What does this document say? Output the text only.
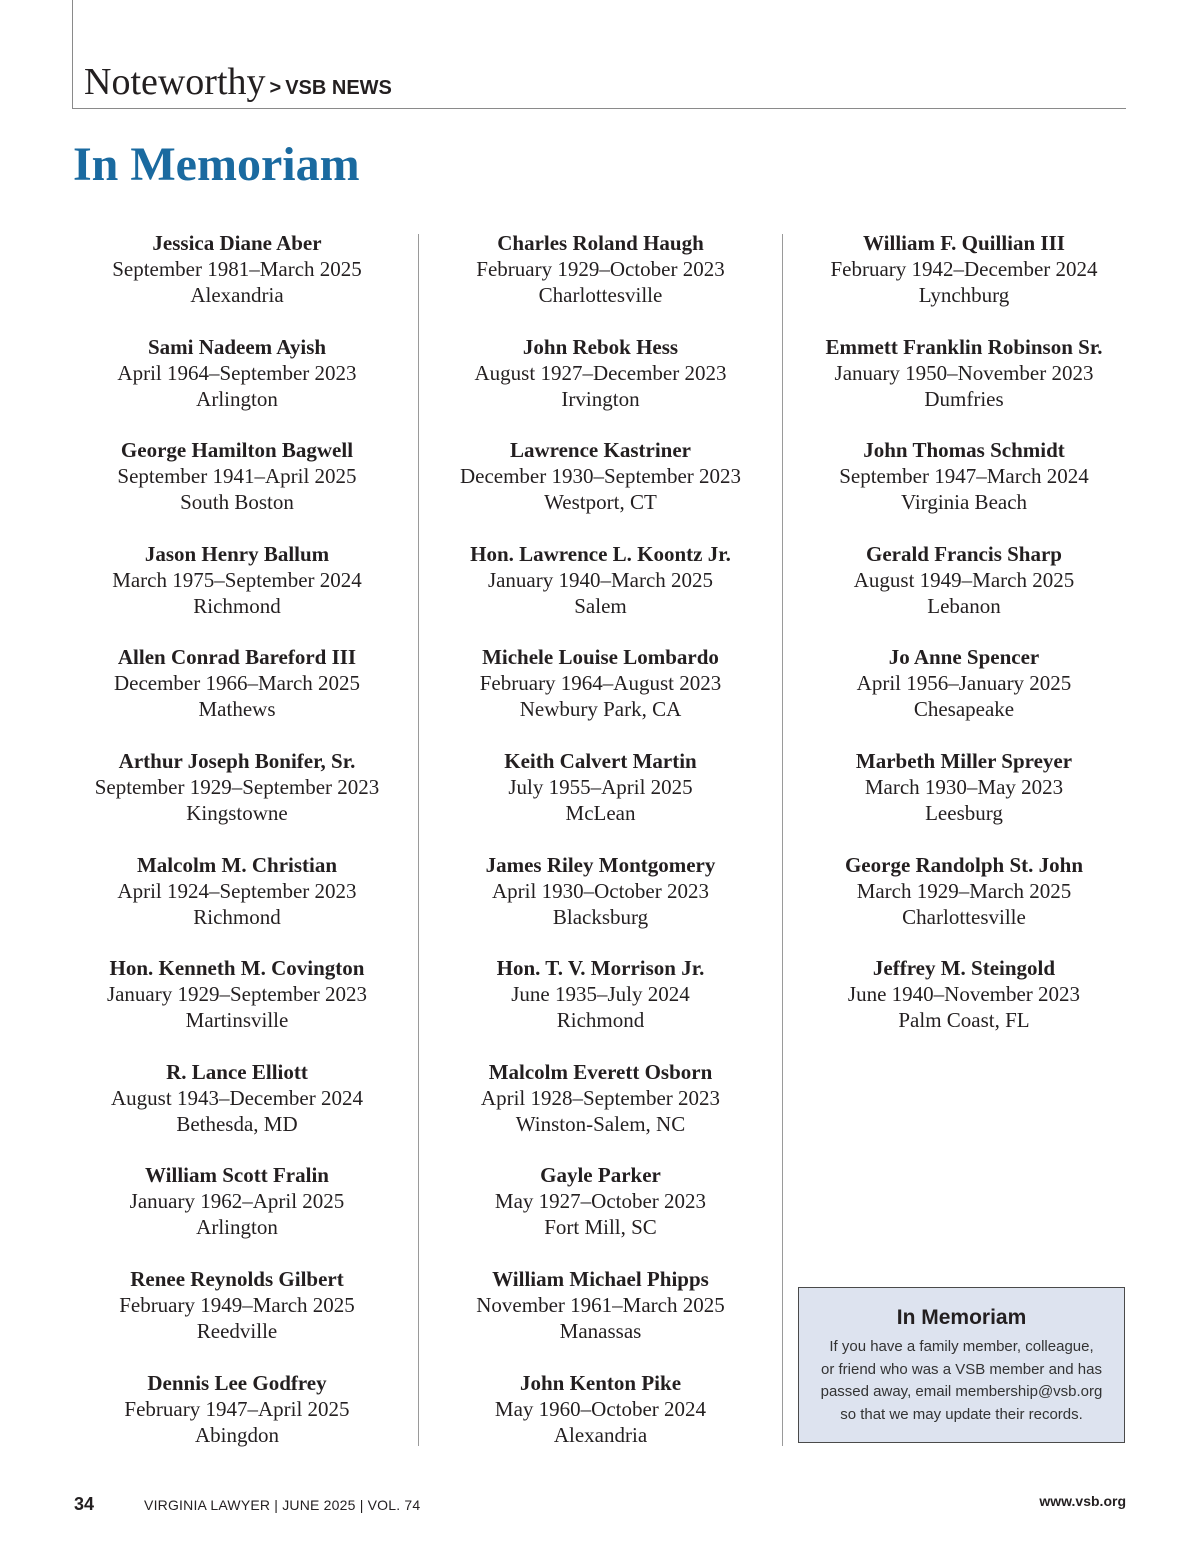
Noteworthy > VSB NEWS
In Memoriam
Jessica Diane Aber
September 1981–March 2025
Alexandria
Sami Nadeem Ayish
April 1964–September 2023
Arlington
George Hamilton Bagwell
September 1941–April 2025
South Boston
Jason Henry Ballum
March 1975–September 2024
Richmond
Allen Conrad Bareford III
December 1966–March 2025
Mathews
Arthur Joseph Bonifer, Sr.
September 1929–September 2023
Kingstowne
Malcolm M. Christian
April 1924–September 2023
Richmond
Hon. Kenneth M. Covington
January 1929–September 2023
Martinsville
R. Lance Elliott
August 1943–December 2024
Bethesda, MD
William Scott Fralin
January 1962–April 2025
Arlington
Renee Reynolds Gilbert
February 1949–March 2025
Reedville
Dennis Lee Godfrey
February 1947–April 2025
Abingdon
Charles Roland Haugh
February 1929–October 2023
Charlottesville
John Rebok Hess
August 1927–December 2023
Irvington
Lawrence Kastriner
December 1930–September 2023
Westport, CT
Hon. Lawrence L. Koontz Jr.
January 1940–March 2025
Salem
Michele Louise Lombardo
February 1964–August 2023
Newbury Park, CA
Keith Calvert Martin
July 1955–April 2025
McLean
James Riley Montgomery
April 1930–October 2023
Blacksburg
Hon. T. V. Morrison Jr.
June 1935–July 2024
Richmond
Malcolm Everett Osborn
April 1928–September 2023
Winston-Salem, NC
Gayle Parker
May 1927–October 2023
Fort Mill, SC
William Michael Phipps
November 1961–March 2025
Manassas
John Kenton Pike
May 1960–October 2024
Alexandria
William F. Quillian III
February 1942–December 2024
Lynchburg
Emmett Franklin Robinson Sr.
January 1950–November 2023
Dumfries
John Thomas Schmidt
September 1947–March 2024
Virginia Beach
Gerald Francis Sharp
August 1949–March 2025
Lebanon
Jo Anne Spencer
April 1956–January 2025
Chesapeake
Marbeth Miller Spreyer
March 1930–May 2023
Leesburg
George Randolph St. John
March 1929–March 2025
Charlottesville
Jeffrey M. Steingold
June 1940–November 2023
Palm Coast, FL
In Memoriam
If you have a family member, colleague,
or friend who was a VSB member and has
passed away, email membership@vsb.org
so that we may update their records.
34	VIRGINIA LAWYER | JUNE 2025 | VOL. 74	www.vsb.org
